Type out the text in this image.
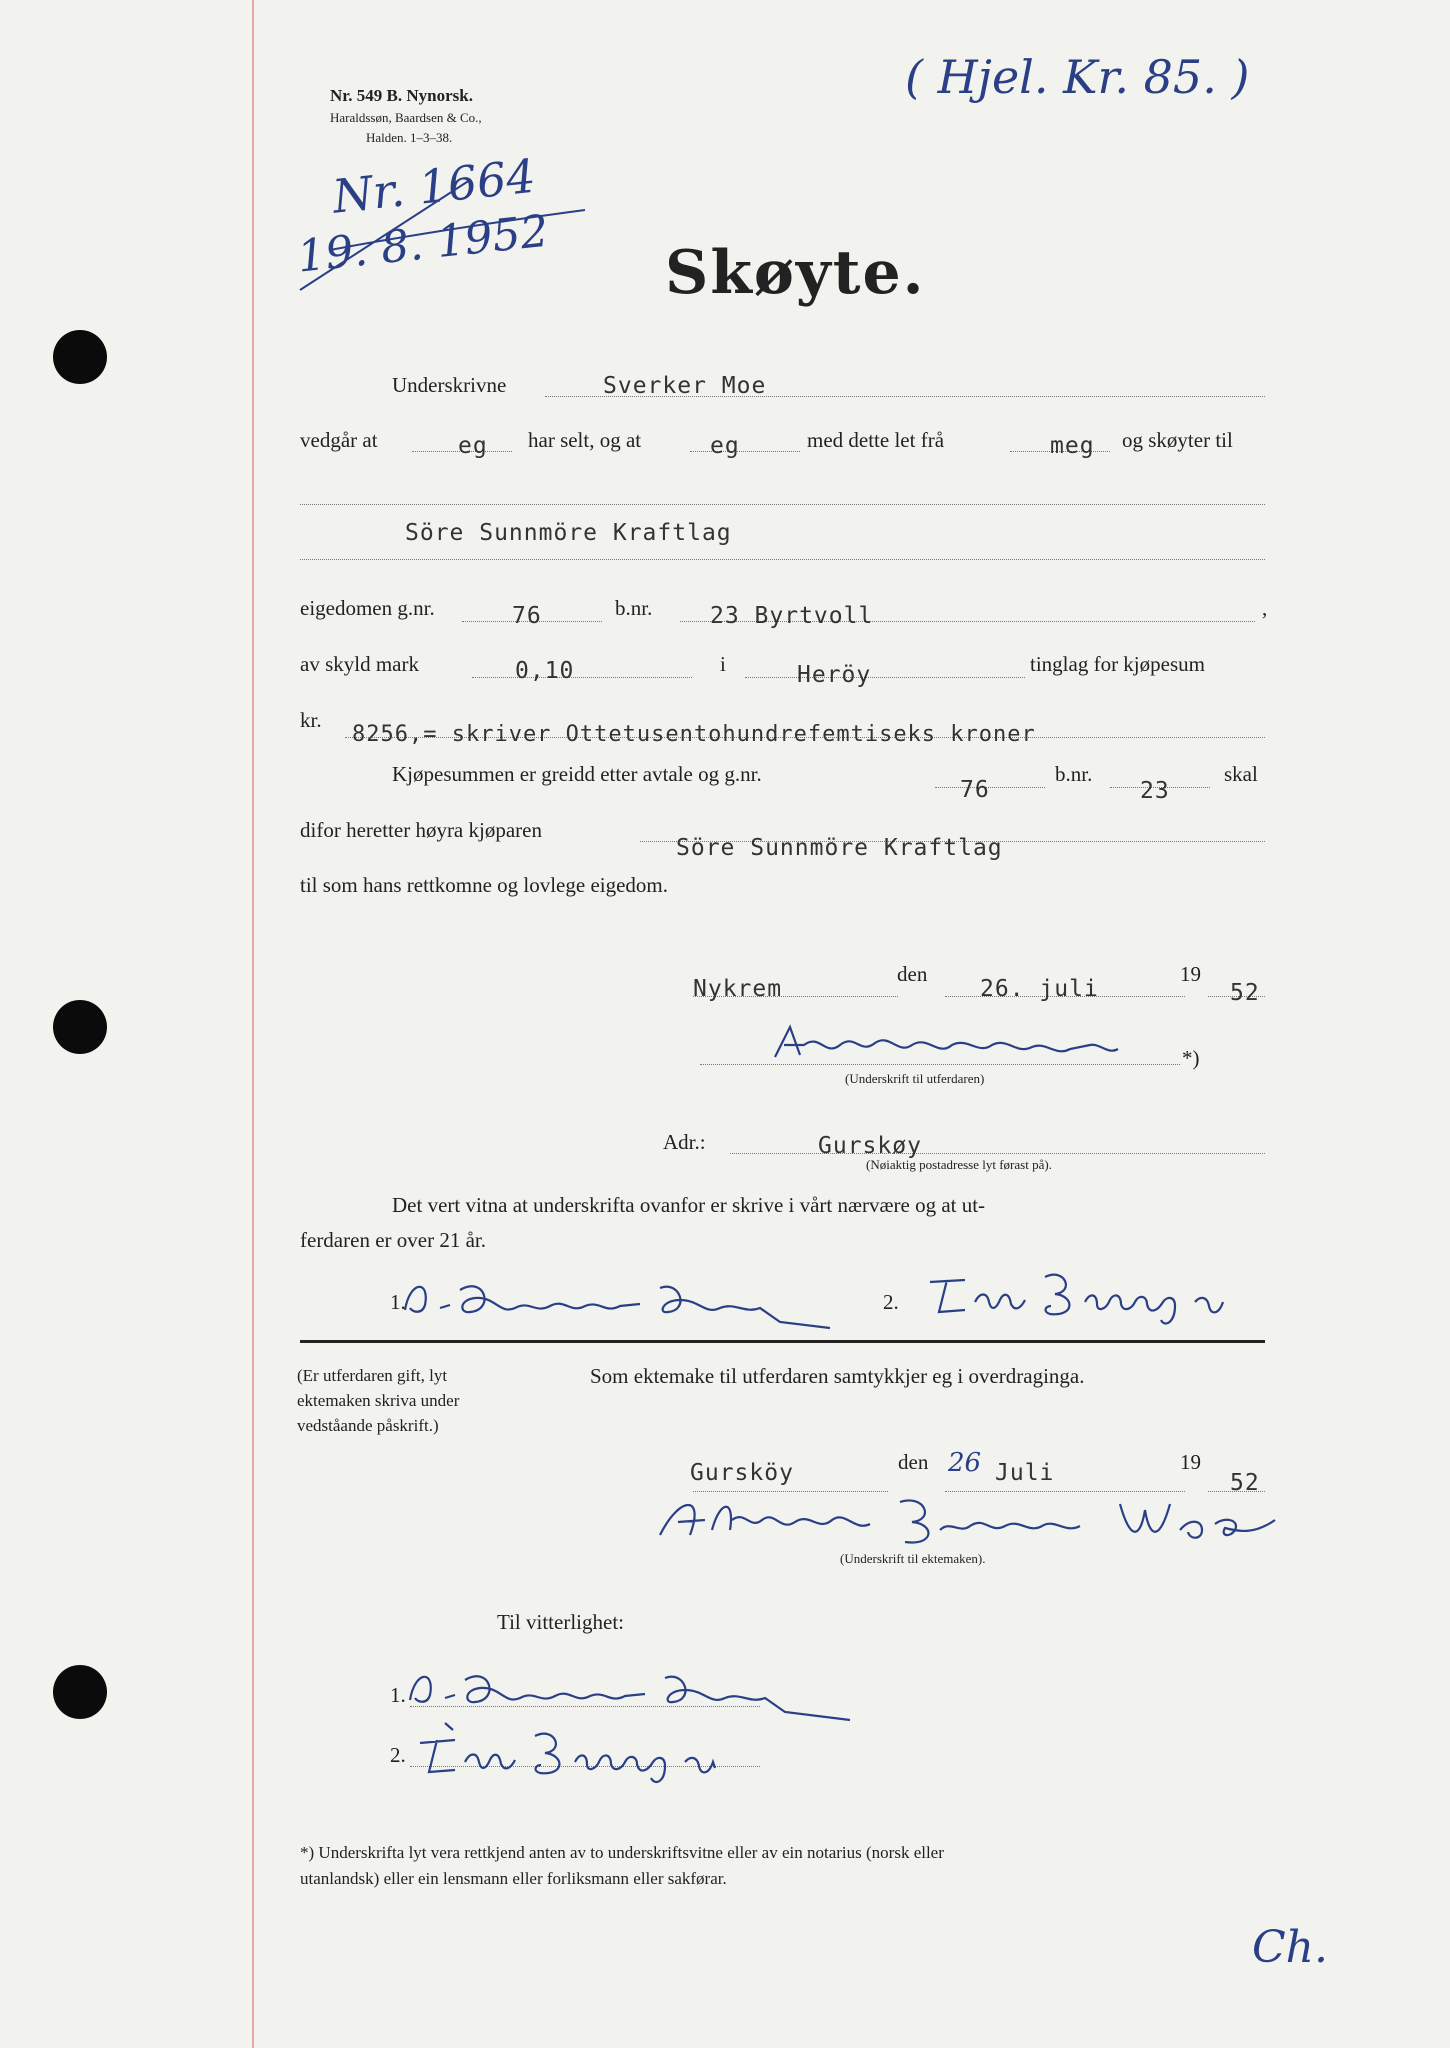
Nr. 549 B. Nynorsk.
Haraldssøn, Baardsen & Co.,
Halden. 1–3–38.
( Hjel. Kr. 85. )
Nr. 1664
19. 8. 1952 Skøyte.
Underskrivne	Sverker Moe
vedgår at	eg har selt, og at	eg	med dette let frå	meg og skøyter til
Söre Sunnmöre Kraftlag
eigedomen g.nr.	76	b.nr.	23 Byrtvoll	,
av skyld mark	0,10	i	Heröy	tinglag for kjøpesum
kr.
8256,= skriver Ottetusentohundrefemtiseks kroner
Kjøpesummen er greidd etter avtale og g.nr.
76
b.nr.
23
skal
difor heretter høyra kjøparen
Söre Sunnmöre Kraftlag
til som hans rettkomne og lovlege eigedom.
Nykrem
den
26. juli
19
52
*)
(Underskrift til utferdaren)
Adr.:	Gurskøy
(Nøiaktig postadresse lyt førast på).
Det vert vitna at underskrifta ovanfor er skrive i vårt nærvære og at ut-
ferdaren er over 21 år.
1.	2.
(Er utferdaren gift, lyt
ektemaken skriva under
vedståande påskrift.)
Som ektemake til utferdaren samtykkjer eg i overdraginga.
Gursköy	den 26 Juli	19
52
(Underskrift til ektemaken).
Til vitterlighet:
1.
2.
*) Underskrifta lyt vera rettkjend anten av to underskriftsvitne eller av ein notarius (norsk eller
utanlandsk) eller ein lensmann eller forliksmann eller sakførar.
Ch.
